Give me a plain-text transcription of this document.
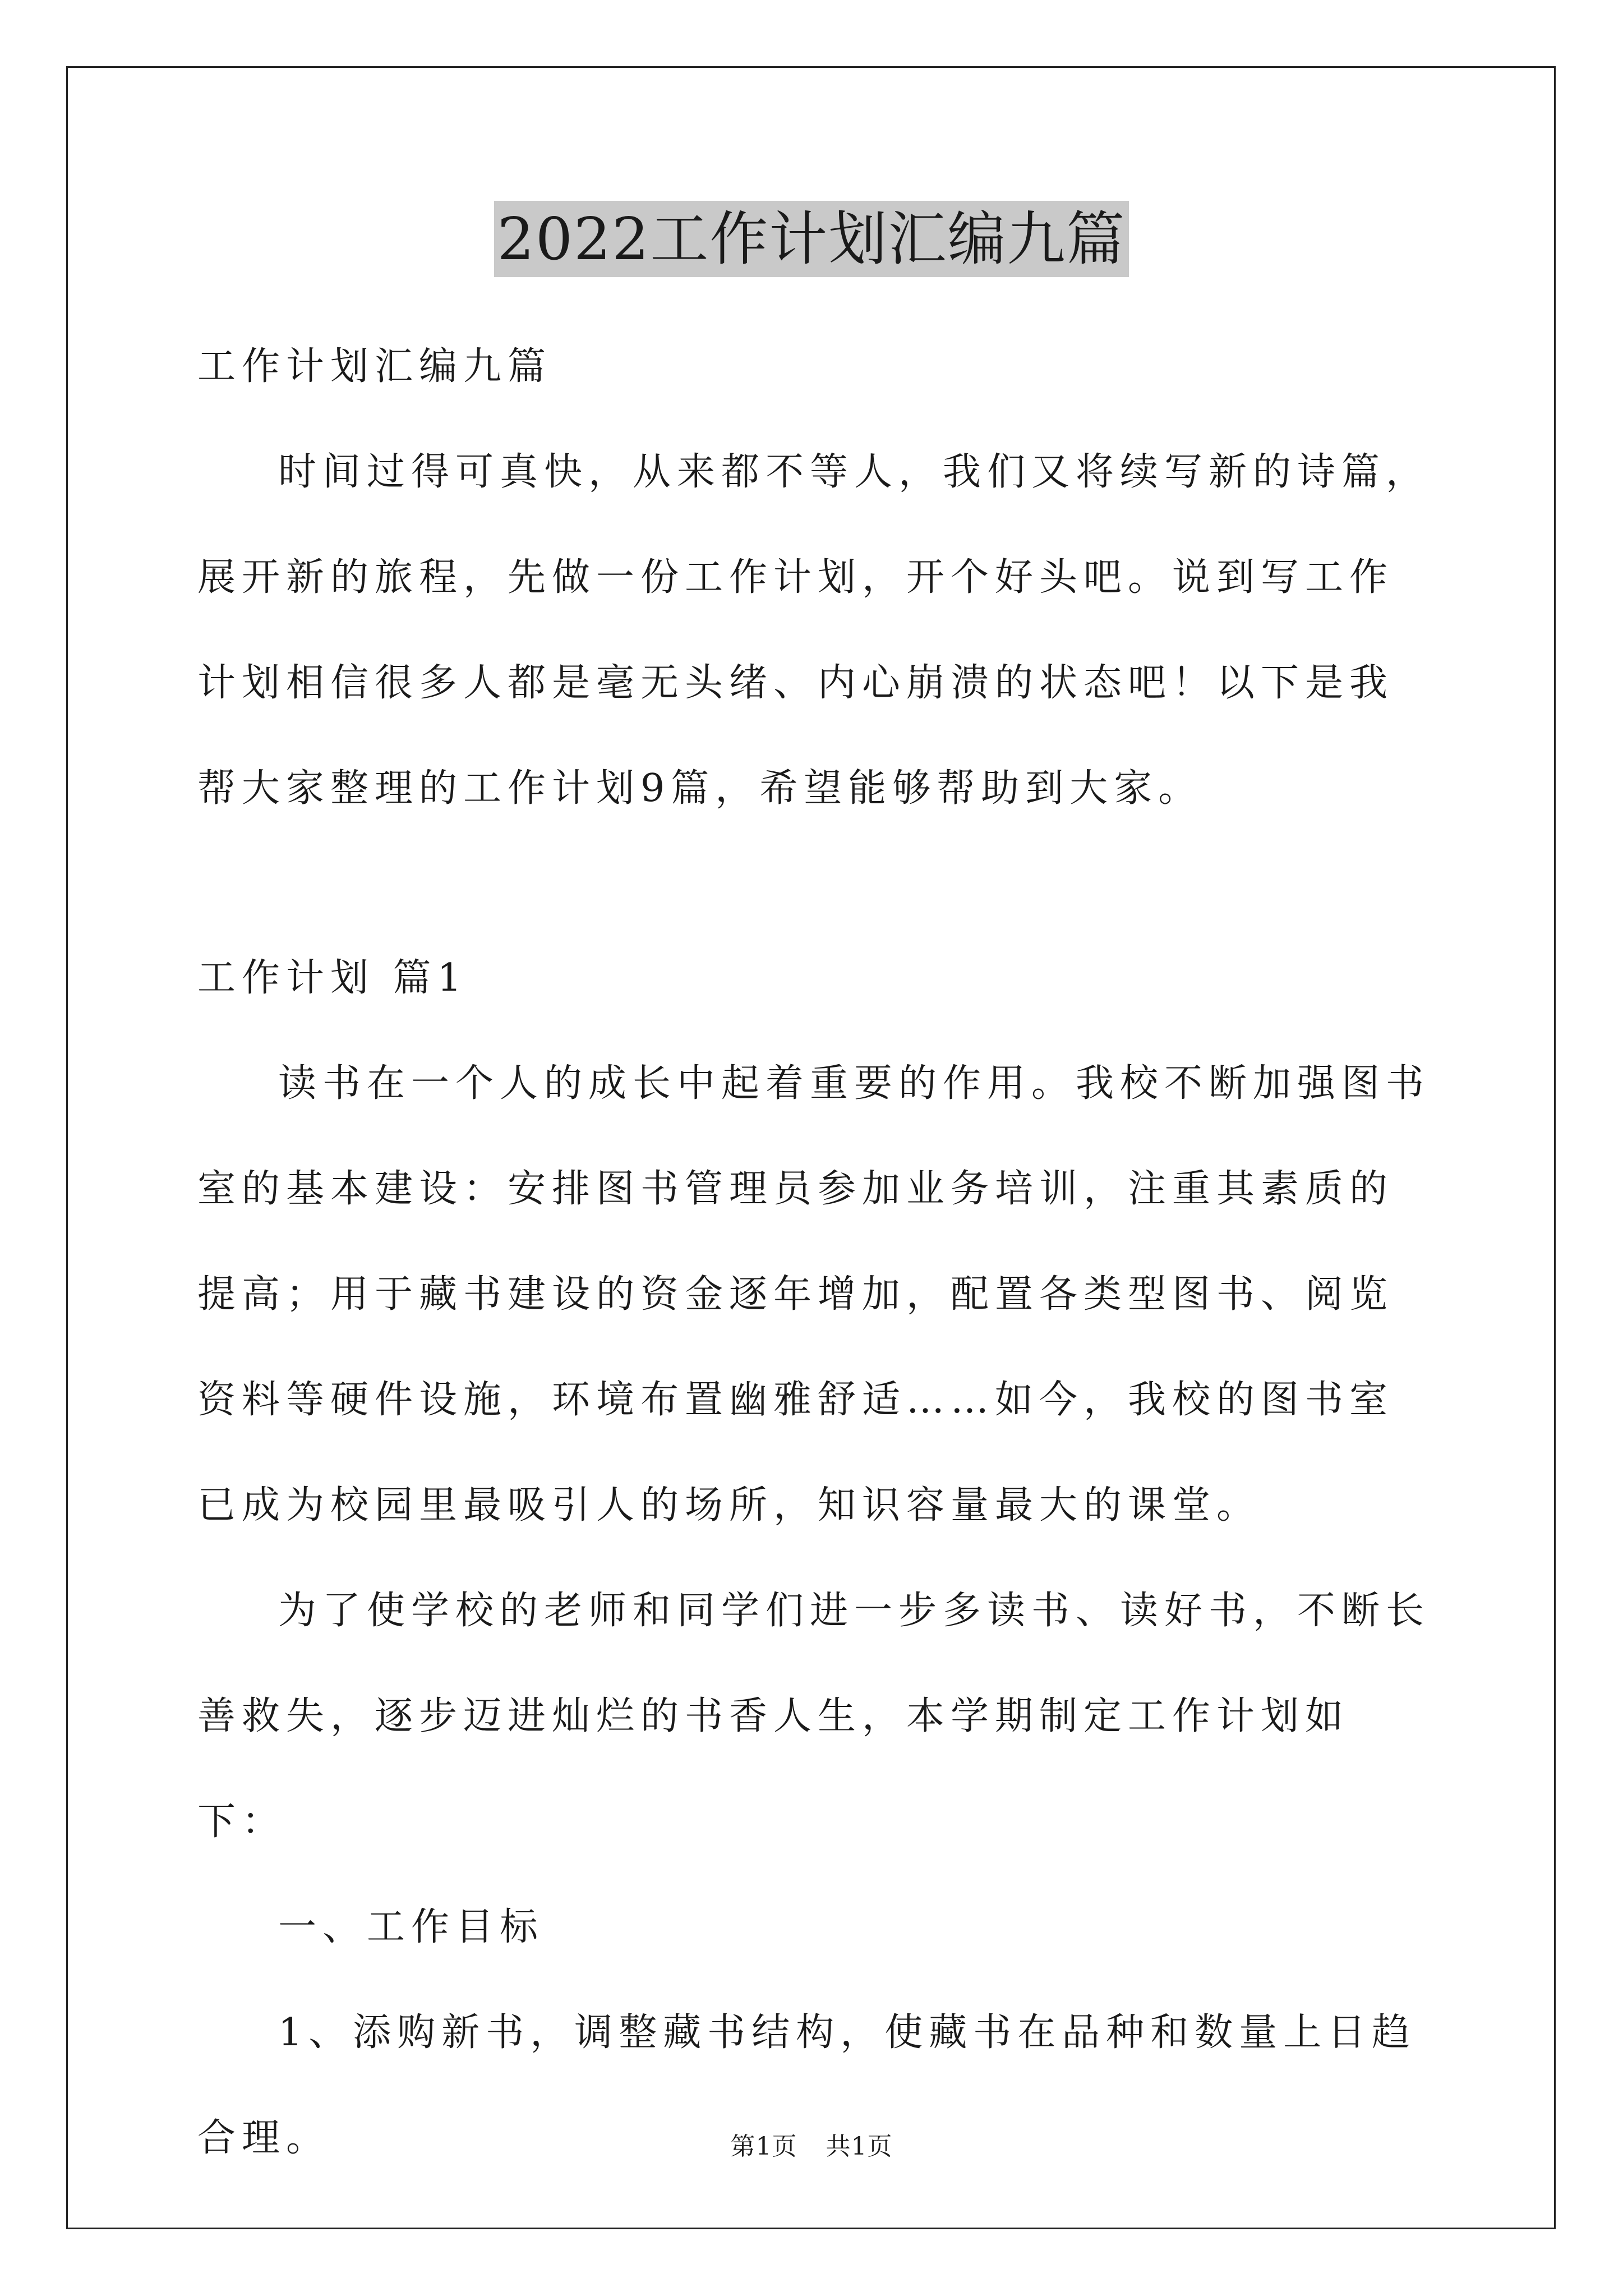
2022工作计划汇编九篇

工作计划汇编九篇

时间过得可真快，从来都不等人，我们又将续写新的诗篇，展开新的旅程，先做一份工作计划，开个好头吧。说到写工作计划相信很多人都是毫无头绪、内心崩溃的状态吧！以下是我帮大家整理的工作计划9篇，希望能够帮助到大家。

工作计划 篇1

读书在一个人的成长中起着重要的作用。我校不断加强图书室的基本建设：安排图书管理员参加业务培训，注重其素质的提高；用于藏书建设的资金逐年增加，配置各类型图书、阅览资料等硬件设施，环境布置幽雅舒适……如今，我校的图书室已成为校园里最吸引人的场所，知识容量最大的课堂。

为了使学校的老师和同学们进一步多读书、读好书，不断长善救失，逐步迈进灿烂的书香人生，本学期制定工作计划如下：

一、工作目标

1、添购新书，调整藏书结构，使藏书在品种和数量上日趋合理。	第1页 共1页
